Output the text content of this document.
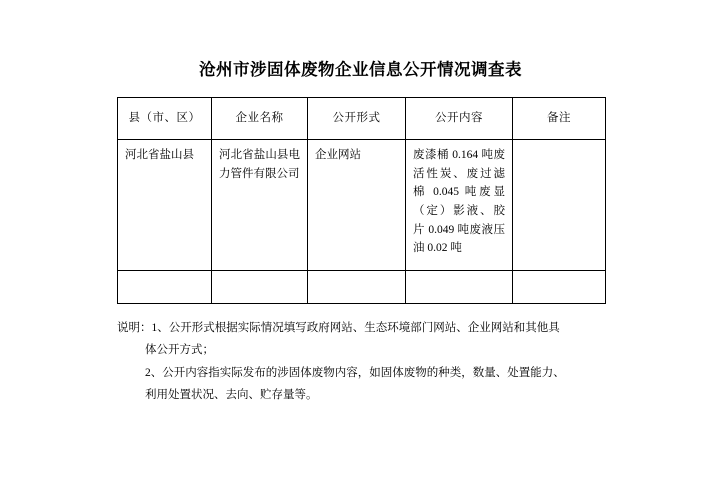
沧州市涉固体废物企业信息公开情况调查表
县（市、区）	企业名称	公开形式	公开内容	备注

河北省盐山县	河北省盐山县电力管件有限公司	企业网站	废漆桶 0.164 吨废活性炭、废过滤 棉 0.045 吨废显（定）影液、胶 片 0.049 吨废液压油 0.02 吨	

说明：1、公开形式根据实际情况填写政府网站、生态环境部门网站、企业网站和其他具
体公开方式；
2、公开内容指实际发布的涉固体废物内容，如固体废物的种类，数量、处置能力、
利用处置状况、去向、贮存量等。
